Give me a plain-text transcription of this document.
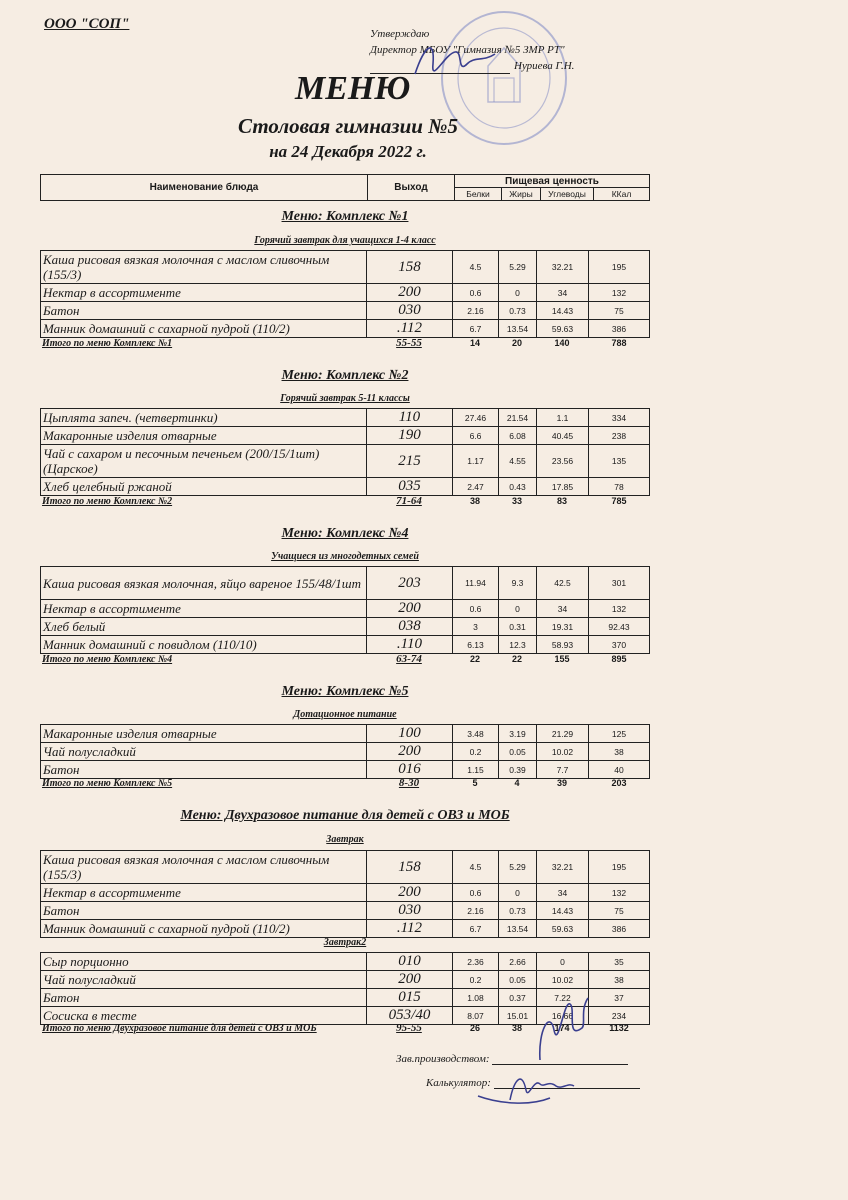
ООО "СОП"
Утверждаю
Директор МБОУ "Гимназия №5 ЗМР РТ"
Нуриева Г.Н.
МЕНЮ
Столовая гимназии №5
на 24 Декабря 2022 г.
Наименование блюда	Выход	Пищевая ценность			
		Белки	Жиры	Углеводы	ККал
Меню: Комплекс №1
Горячий завтрак для учащихся 1-4 класс
Каша рисовая вязкая молочная с маслом сливочным (155/3)	158	4.5	5.29	32.21	195
Нектар в ассортименте	200	0.6	0	34	132
Батон	030	2.16	0.73	14.43	75
Манник домашний с сахарной пудрой (110/2)	.112	6.7	13.54	59.63	386
Итого по меню Комплекс №1	55-55	14	20	140	788
Меню: Комплекс №2
Горячий завтрак 5-11 классы
Цыплята запеч. (четвертинки)	110	27.46	21.54	1.1	334
Макаронные изделия отварные	190	6.6	6.08	40.45	238
Чай с сахаром и песочным печеньем (200/15/1шт) (Царское)	215	1.17	4.55	23.56	135
Хлеб целебный ржаной	035	2.47	0.43	17.85	78
Итого по меню Комплекс №2	71-64	38	33	83	785
Меню: Комплекс №4
Учащиеся из многодетных семей
Каша рисовая вязкая молочная, яйцо вареное 155/48/1шт	203	11.94	9.3	42.5	301
Нектар в ассортименте	200	0.6	0	34	132
Хлеб белый	038	3	0.31	19.31	92.43
Манник домашний с повидлом (110/10)	.110	6.13	12.3	58.93	370
Итого по меню Комплекс №4	63-74	22	22	155	895
Меню: Комплекс №5
Дотационное питание
Макаронные изделия отварные	100	3.48	3.19	21.29	125
Чай полусладкий	200	0.2	0.05	10.02	38
Батон	016	1.15	0.39	7.7	40
Итого по меню Комплекс №5	8-30	5	4	39	203
Меню: Двухразовое питание для детей с ОВЗ и МОБ
Завтрак
Каша рисовая вязкая молочная с маслом сливочным (155/3)	158	4.5	5.29	32.21	195
Нектар в ассортименте	200	0.6	0	34	132
Батон	030	2.16	0.73	14.43	75
Манник домашний с сахарной пудрой (110/2)	.112	6.7	13.54	59.63	386
Завтрак2
Сыр порционно	010	2.36	2.66	0	35
Чай полусладкий	200	0.2	0.05	10.02	38
Батон	015	1.08	0.37	7.22	37
Сосиска в тесте	053/40	8.07	15.01	16.66	234
Итого по меню Двухразовое питание для детей с ОВЗ и МОБ	95-55	26	38	174	1132
Зав.производством:
Калькулятор:
